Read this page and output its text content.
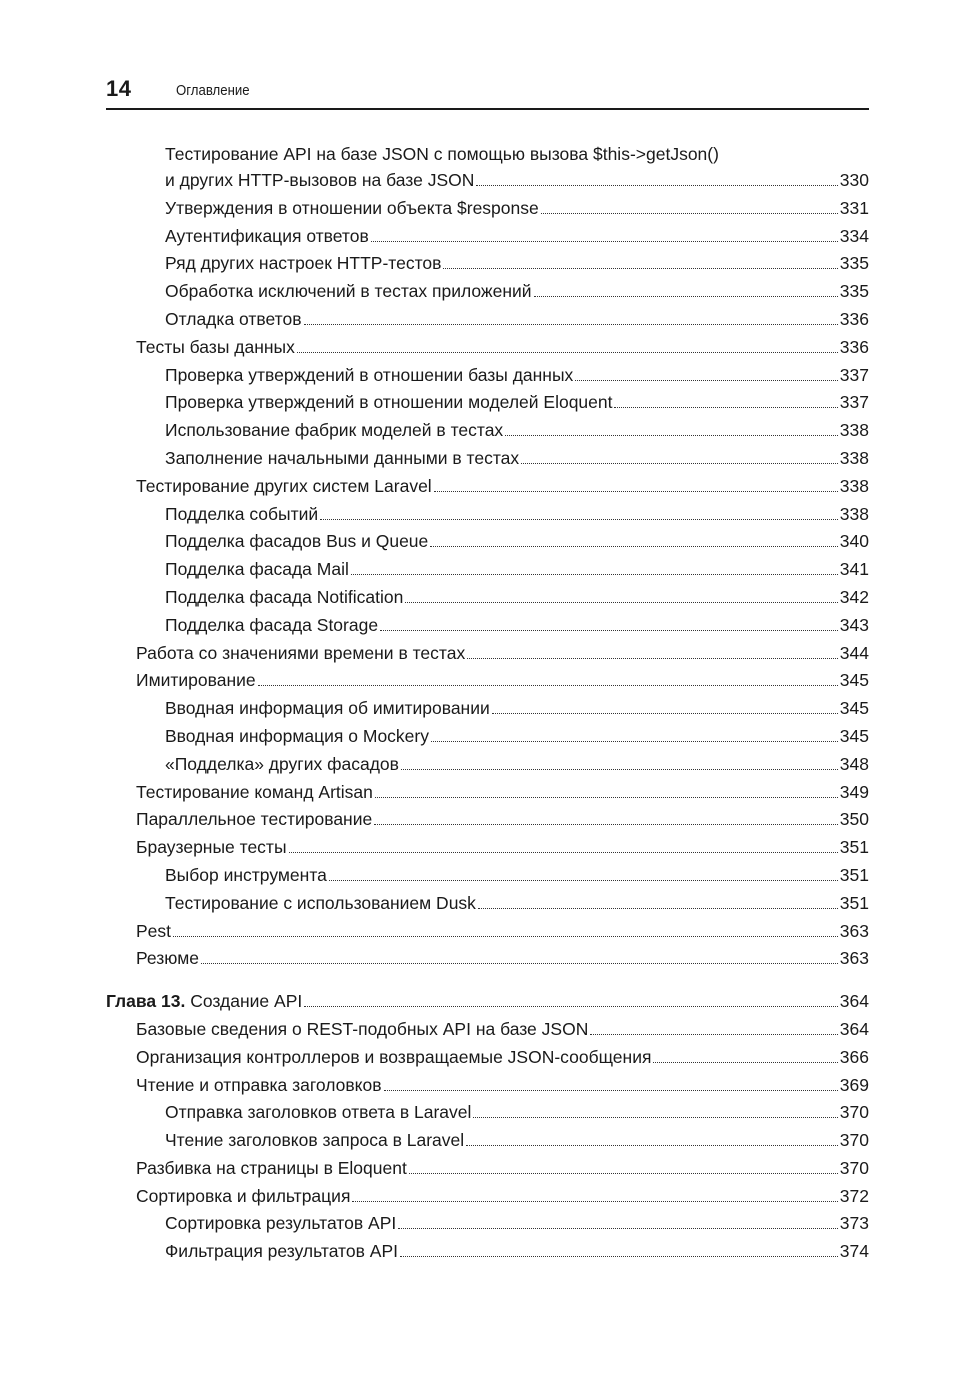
14	Оглавление
Тестирование API на базе JSON с помощью вызова $this->getJson()
и других HTTP-вызовов на базе JSON	330
Утверждения в отношении объекта $response	331
Аутентификация ответов	334
Ряд других настроек HTTP-тестов	335
Обработка исключений в тестах приложений	335
Отладка ответов	336
Тесты базы данных	336
Проверка утверждений в отношении базы данных	337
Проверка утверждений в отношении моделей Eloquent	337
Использование фабрик моделей в тестах	338
Заполнение начальными данными в тестах	338
Тестирование других систем Laravel	338
Подделка событий	338
Подделка фасадов Bus и Queue	340
Подделка фасада Mail	341
Подделка фасада Notification	342
Подделка фасада Storage	343
Работа со значениями времени в тестах	344
Имитирование	345
Вводная информация об имитировании	345
Вводная информация о Mockery	345
«Подделка» других фасадов	348
Тестирование команд Artisan	349
Параллельное тестирование	350
Браузерные тесты	351
Выбор инструмента	351
Тестирование с использованием Dusk	351
Pest	363
Резюме	363
Глава 13. Создание API	364
Базовые сведения о REST-подобных API на базе JSON	364
Организация контроллеров и возвращаемые JSON-сообщения	366
Чтение и отправка заголовков	369
Отправка заголовков ответа в Laravel	370
Чтение заголовков запроса в Laravel	370
Разбивка на страницы в Eloquent	370
Сортировка и фильтрация	372
Сортировка результатов API	373
Фильтрация результатов API	374
